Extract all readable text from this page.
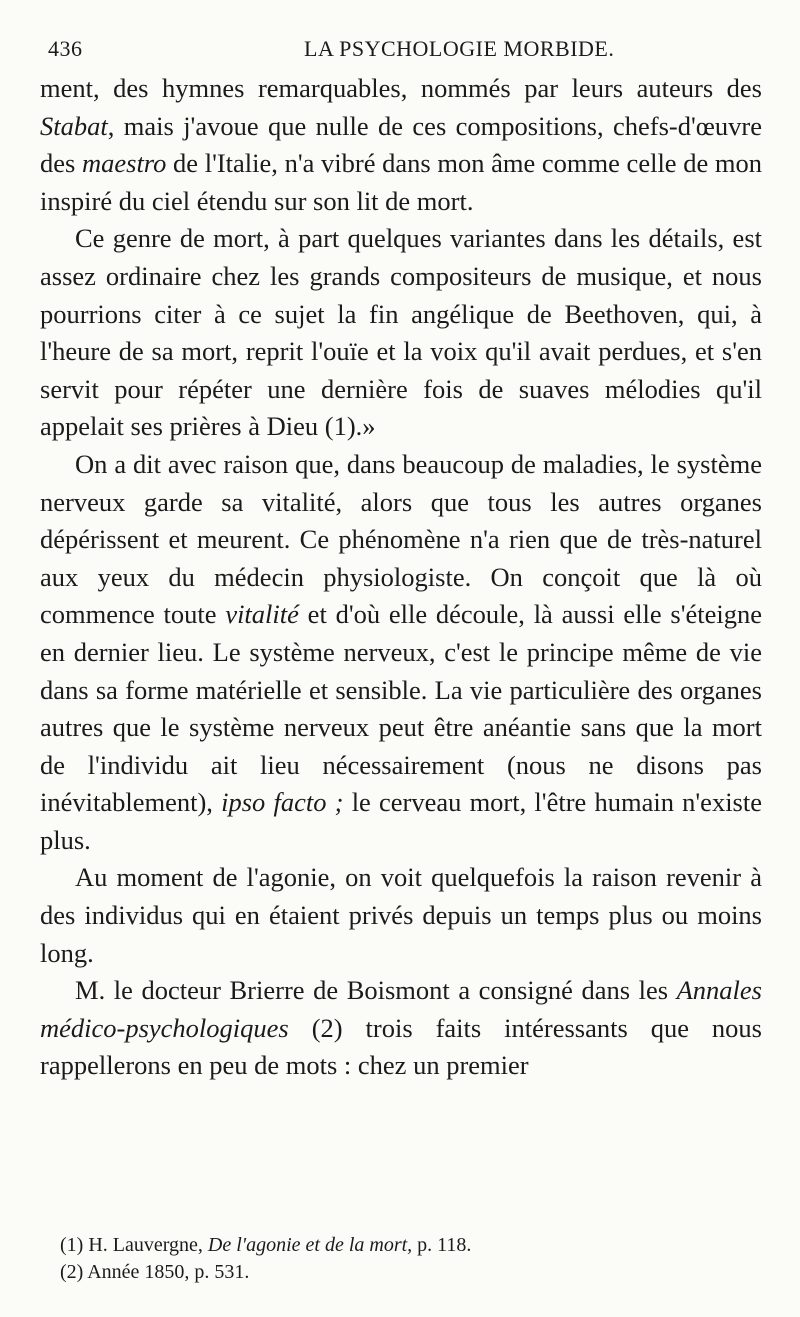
436	LA PSYCHOLOGIE MORBIDE.

ment, des hymnes remarquables, nommés par leurs auteurs des Stabat, mais j'avoue que nulle de ces compositions, chefs-d'œuvre des maestro de l'Italie, n'a vibré dans mon âme comme celle de mon inspiré du ciel étendu sur son lit de mort.

Ce genre de mort, à part quelques variantes dans les détails, est assez ordinaire chez les grands compositeurs de musique, et nous pourrions citer à ce sujet la fin angélique de Beethoven, qui, à l'heure de sa mort, reprit l'ouïe et la voix qu'il avait perdues, et s'en servit pour répéter une dernière fois de suaves mélodies qu'il appelait ses prières à Dieu (1).»

On a dit avec raison que, dans beaucoup de maladies, le système nerveux garde sa vitalité, alors que tous les autres organes dépérissent et meurent. Ce phénomène n'a rien que de très-naturel aux yeux du médecin physiologiste. On conçoit que là où commence toute vitalité et d'où elle découle, là aussi elle s'éteigne en dernier lieu. Le système nerveux, c'est le principe même de vie dans sa forme matérielle et sensible. La vie particulière des organes autres que le système nerveux peut être anéantie sans que la mort de l'individu ait lieu nécessairement (nous ne disons pas inévitablement), ipso facto ; le cerveau mort, l'être humain n'existe plus.

Au moment de l'agonie, on voit quelquefois la raison revenir à des individus qui en étaient privés depuis un temps plus ou moins long.

M. le docteur Brierre de Boismont a consigné dans les Annales médico-psychologiques (2) trois faits intéressants que nous rappellerons en peu de mots : chez un premier

(1) H. Lauvergne, De l'agonie et de la mort, p. 118.
(2) Année 1850, p. 531.
